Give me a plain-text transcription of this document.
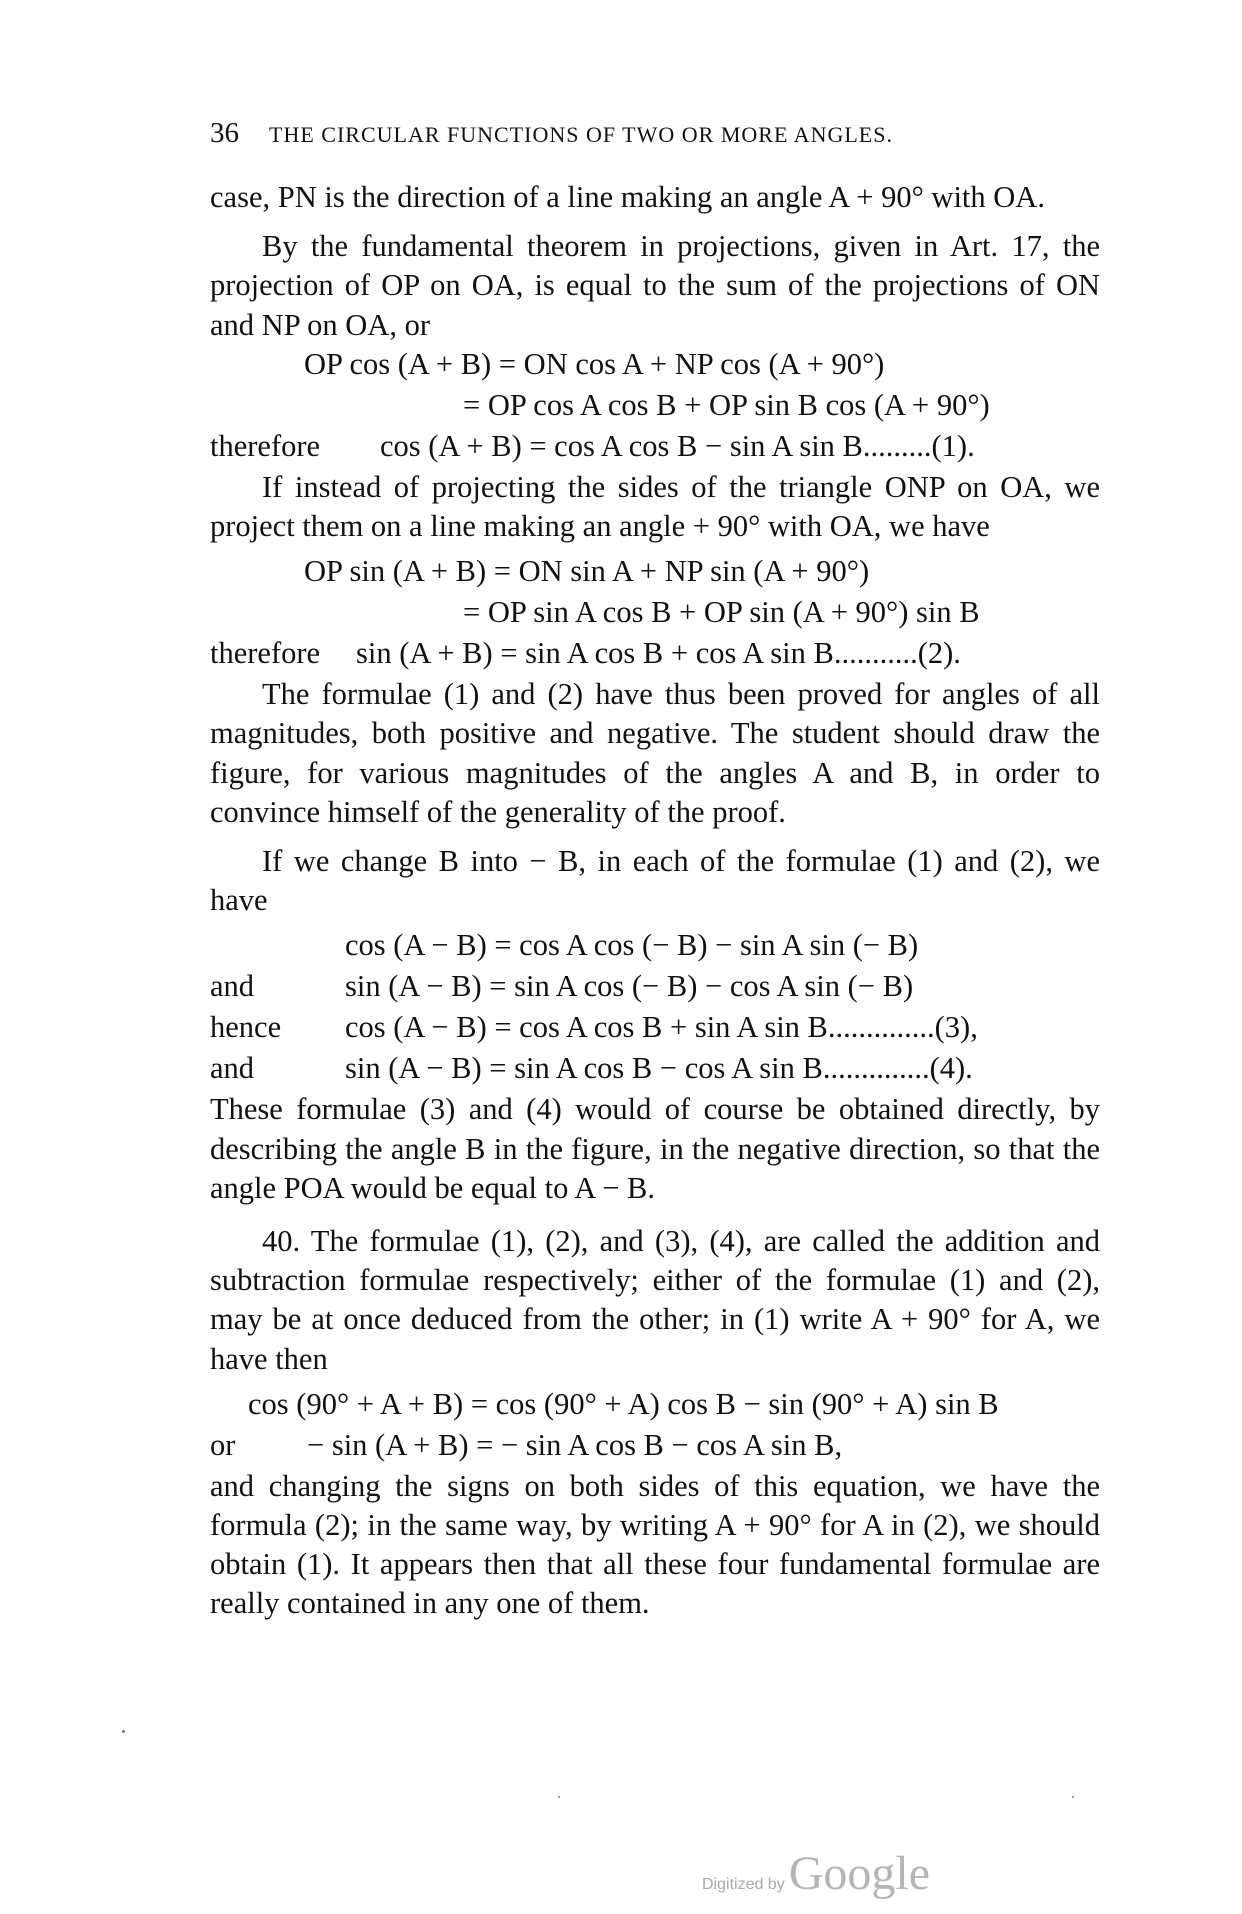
36 THE CIRCULAR FUNCTIONS OF TWO OR MORE ANGLES.

case, PN is the direction of a line making an angle A + 90° with OA.

By the fundamental theorem in projections, given in Art. 17, the projection of OP on OA, is equal to the sum of the projections of ON and NP on OA, or

OP cos (A + B) = ON cos A + NP cos (A + 90°)
= OP cos A cos B + OP sin B cos (A + 90°)
therefore cos (A + B) = cos A cos B − sin A sin B.........(1).

If instead of projecting the sides of the triangle ONP on OA, we project them on a line making an angle + 90° with OA, we have

OP sin (A + B) = ON sin A + NP sin (A + 90°)
= OP sin A cos B + OP sin (A + 90°) sin B
therefore sin (A + B) = sin A cos B + cos A sin B...........(2).

The formulae (1) and (2) have thus been proved for angles of all magnitudes, both positive and negative. The student should draw the figure, for various magnitudes of the angles A and B, in order to convince himself of the generality of the proof.

If we change B into − B, in each of the formulae (1) and (2), we have

cos (A − B) = cos A cos (− B) − sin A sin (− B)
and	sin (A − B) = sin A cos (− B) − cos A sin (− B)
hence cos (A − B) = cos A cos B + sin A sin B..............(3),
and	sin (A − B) = sin A cos B − cos A sin B..............(4).

These formulae (3) and (4) would of course be obtained directly, by describing the angle B in the figure, in the negative direction, so that the angle POA would be equal to A − B.

40. The formulae (1), (2), and (3), (4), are called the addition and subtraction formulae respectively; either of the formulae (1) and (2), may be at once deduced from the other; in (1) write A + 90° for A, we have then

cos (90° + A + B) = cos (90° + A) cos B − sin (90° + A) sin B
or − sin (A + B) = − sin A cos B − cos A sin B,

and changing the signs on both sides of this equation, we have the formula (2); in the same way, by writing A + 90° for A in (2), we should obtain (1). It appears then that all these four fundamental formulae are really contained in any one of them.

Digitized by Google
